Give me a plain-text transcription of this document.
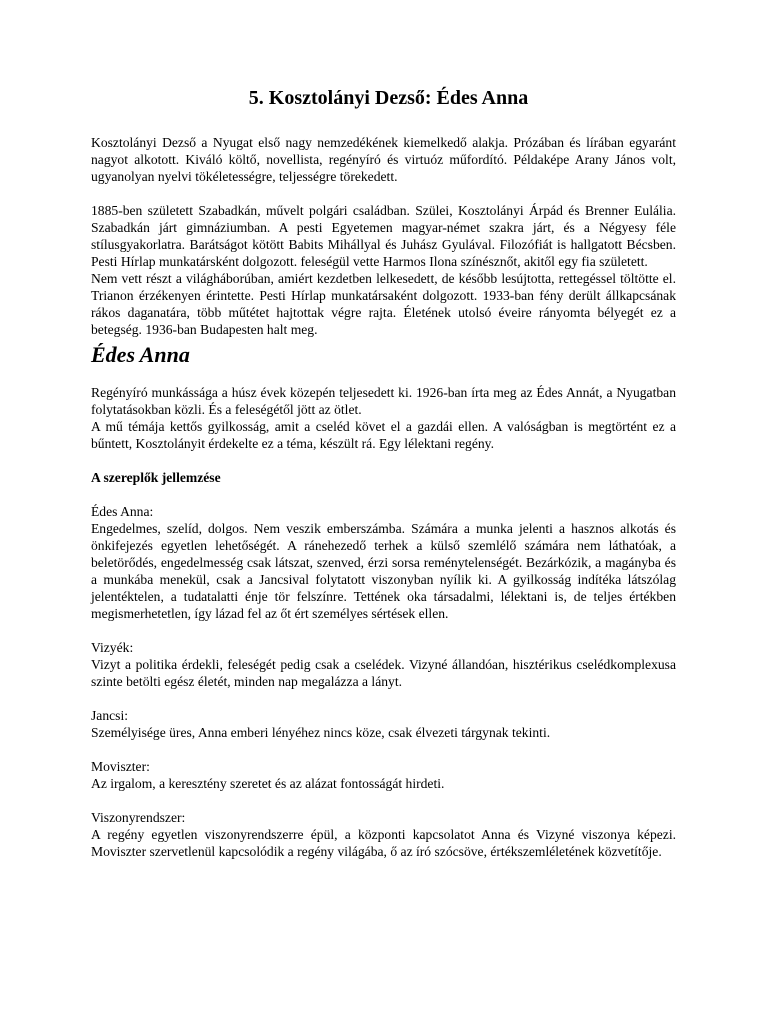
5. Kosztolányi Dezső: Édes Anna

Kosztolányi Dezső a Nyugat első nagy nemzedékének kiemelkedő alakja. Prózában és lírában egyaránt nagyot alkotott. Kiváló költő, novellista, regényíró és virtuóz műfordító. Példaképe Arany János volt, ugyanolyan nyelvi tökéletességre, teljességre törekedett.

1885-ben született Szabadkán, művelt polgári családban. Szülei, Kosztolányi Árpád és Brenner Eulália. Szabadkán járt gimnáziumban. A pesti Egyetemen magyar-német szakra járt, és a Négyesy féle stílusgyakorlatra. Barátságot kötött Babits Mihállyal és Juhász Gyulával. Filozófiát is hallgatott Bécsben. Pesti Hírlap munkatársként dolgozott. feleségül vette Harmos Ilona színésznőt, akitől egy fia született.

Nem vett részt a világháborúban, amiért kezdetben lelkesedett, de később lesújtotta, rettegéssel töltötte el. Trianon érzékenyen érintette. Pesti Hírlap munkatársaként dolgozott. 1933-ban fény derült állkapcsának rákos daganatára, több műtétet hajtottak végre rajta. Életének utolsó éveire rányomta bélyegét ez a betegség. 1936-ban Budapesten halt meg.

Édes Anna

Regényíró munkássága a húsz évek közepén teljesedett ki. 1926-ban írta meg az Édes Annát, a Nyugatban folytatásokban közli. És a feleségétől jött az ötlet.

A mű témája kettős gyilkosság, amit a cseléd követ el a gazdái ellen. A valóságban is megtörtént ez a bűntett, Kosztolányit érdekelte ez a téma, készült rá. Egy lélektani regény.

A szereplők jellemzése

Édes Anna:

Engedelmes, szelíd, dolgos. Nem veszik emberszámba. Számára a munka jelenti a hasznos alkotás és önkifejezés egyetlen lehetőségét. A ránehezedő terhek a külső szemlélő számára nem láthatóak, a beletörődés, engedelmesség csak látszat, szenved, érzi sorsa reménytelenségét. Bezárkózik, a magányba és a munkába menekül, csak a Jancsival folytatott viszonyban nyílik ki. A gyilkosság indítéka látszólag jelentéktelen, a tudatalatti énje tör felszínre. Tettének oka társadalmi, lélektani is, de teljes értékben megismerhetetlen, így lázad fel az őt ért személyes sértések ellen.

Vizyék:

Vizyt a politika érdekli, feleségét pedig csak a cselédek. Vizyné állandóan, hisztérikus cselédkomplexusa szinte betölti egész életét, minden nap megalázza a lányt.

Jancsi:

Személyisége üres, Anna emberi lényéhez nincs köze, csak élvezeti tárgynak tekinti.

Moviszter:

Az irgalom, a keresztény szeretet és az alázat fontosságát hirdeti.

Viszonyrendszer:

A regény egyetlen viszonyrendszerre épül, a központi kapcsolatot Anna és Vizyné viszonya képezi. Moviszter szervetlenül kapcsolódik a regény világába, ő az író szócsöve, értékszemléletének közvetítője.
